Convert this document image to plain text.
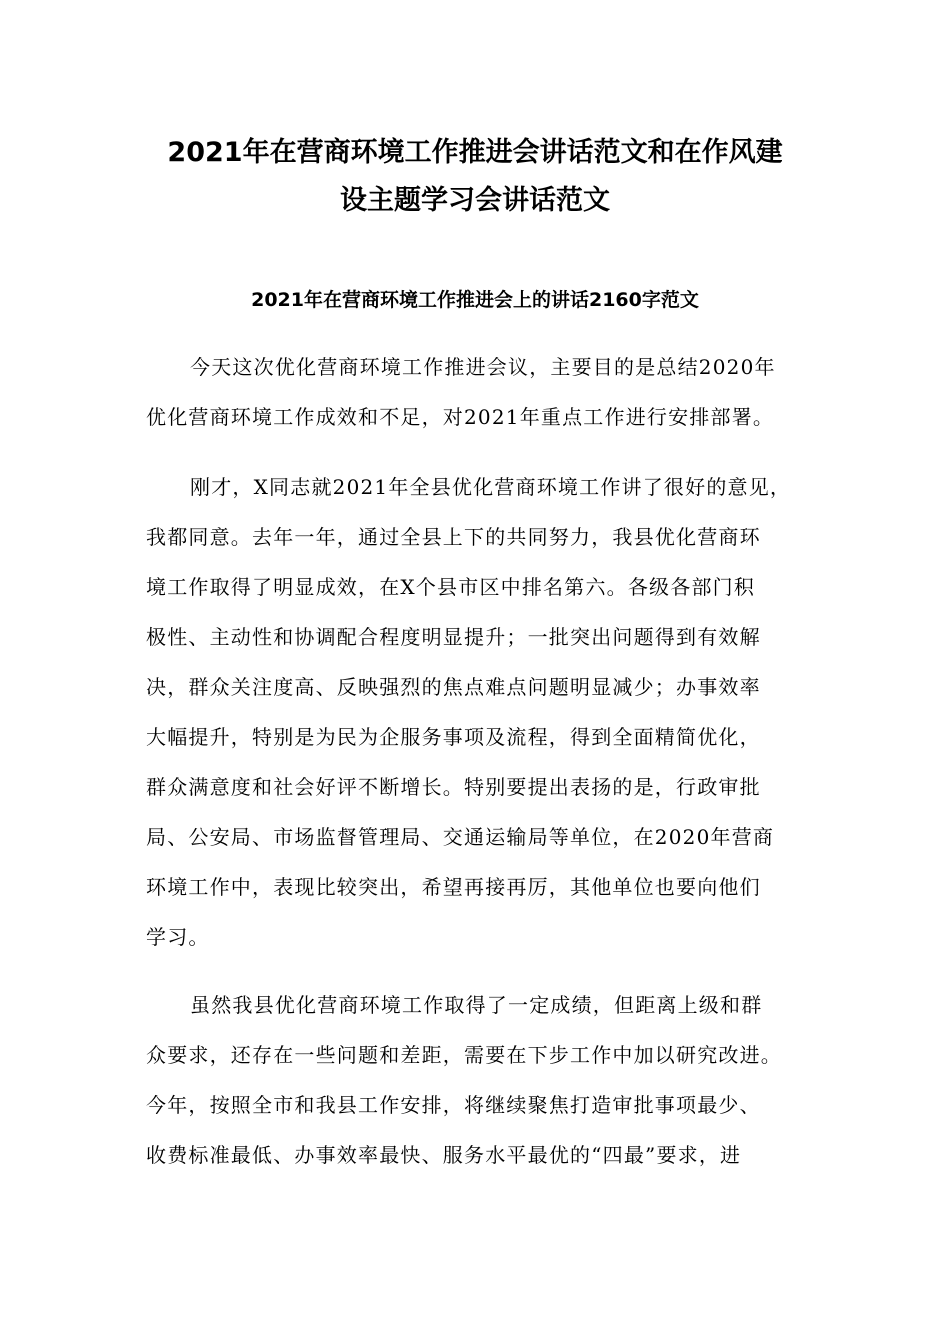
2021年在营商环境工作推进会讲话范文和在作风建
设主题学习会讲话范文
2021年在营商环境工作推进会上的讲话2160字范文
今天这次优化营商环境工作推进会议，主要目的是总结2020年
优化营商环境工作成效和不足，对2021年重点工作进行安排部署。
刚才，X同志就2021年全县优化营商环境工作讲了很好的意见，
我都同意。去年一年，通过全县上下的共同努力，我县优化营商环
境工作取得了明显成效，在X个县市区中排名第六。各级各部门积
极性、主动性和协调配合程度明显提升；一批突出问题得到有效解
决，群众关注度高、反映强烈的焦点难点问题明显减少；办事效率
大幅提升，特别是为民为企服务事项及流程，得到全面精简优化，
群众满意度和社会好评不断增长。特别要提出表扬的是，行政审批
局、公安局、市场监督管理局、交通运输局等单位，在2020年营商
环境工作中，表现比较突出，希望再接再厉，其他单位也要向他们
学习。
虽然我县优化营商环境工作取得了一定成绩，但距离上级和群
众要求，还存在一些问题和差距，需要在下步工作中加以研究改进。
今年，按照全市和我县工作安排，将继续聚焦打造审批事项最少、
收费标准最低、办事效率最快、服务水平最优的“四最”要求，进
